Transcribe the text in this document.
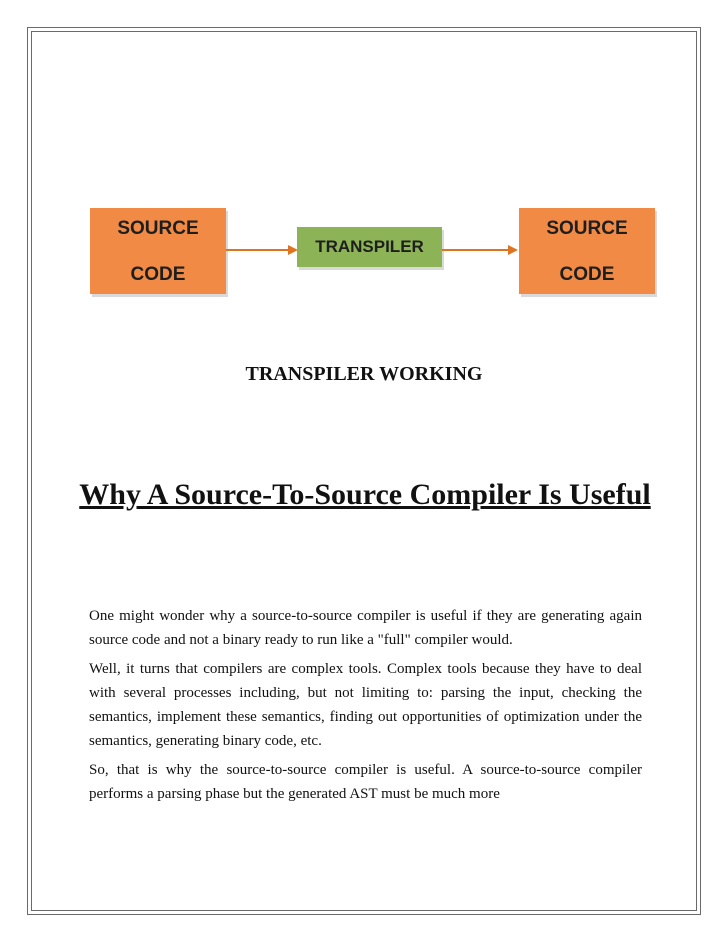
SOURCE
CODE
TRANSPILER
SOURCE
CODE
TRANSPILER WORKING
Why A Source-To-Source Compiler Is Useful

One might wonder why a source-to-source compiler is useful if they are generating again source code and not a binary ready to run like a "full" compiler would.

Well, it turns that compilers are complex tools. Complex tools because they have to deal with several processes including, but not limiting to: parsing the input, checking the semantics, implement these semantics, finding out opportunities of optimization under the semantics, generating binary code, etc.

So, that is why the source-to-source compiler is useful. A source-to-source compiler performs a parsing phase but the generated AST must be much more
